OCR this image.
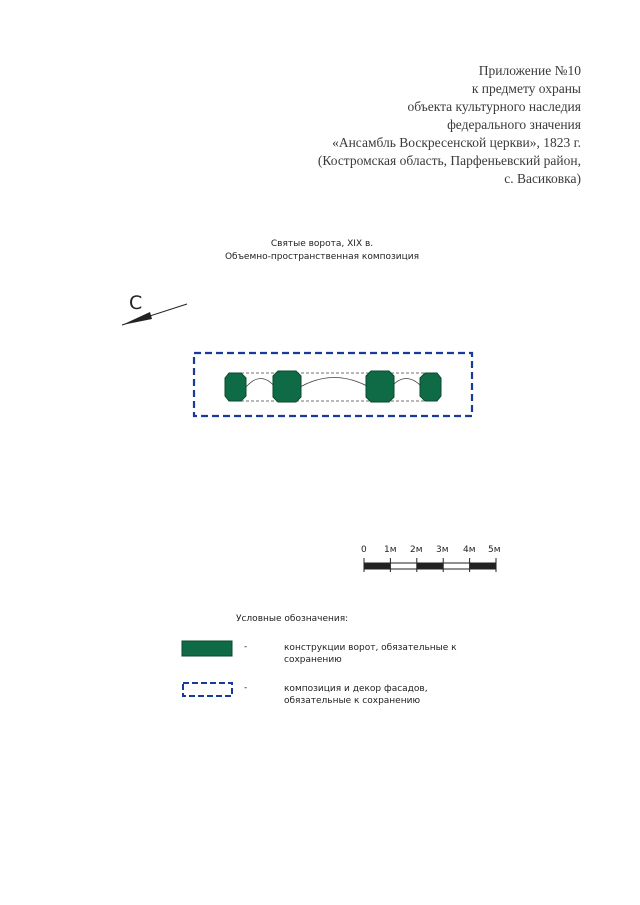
Приложение №10
к предмету охраны
объекта культурного наследия
федерального значения
«Ансамбль Воскресенской церкви», 1823 г.
(Костромская область, Парфеньевский район,
с. Васиковка)
Святые ворота, XIX в.
Объемно-пространственная композиция
С
0 1м 2м 3м 4м 5м
Условные обозначения:
-	конструкции ворот, обязательные к
сохранению
-	композиция и декор фасадов,
обязательные к сохранению
